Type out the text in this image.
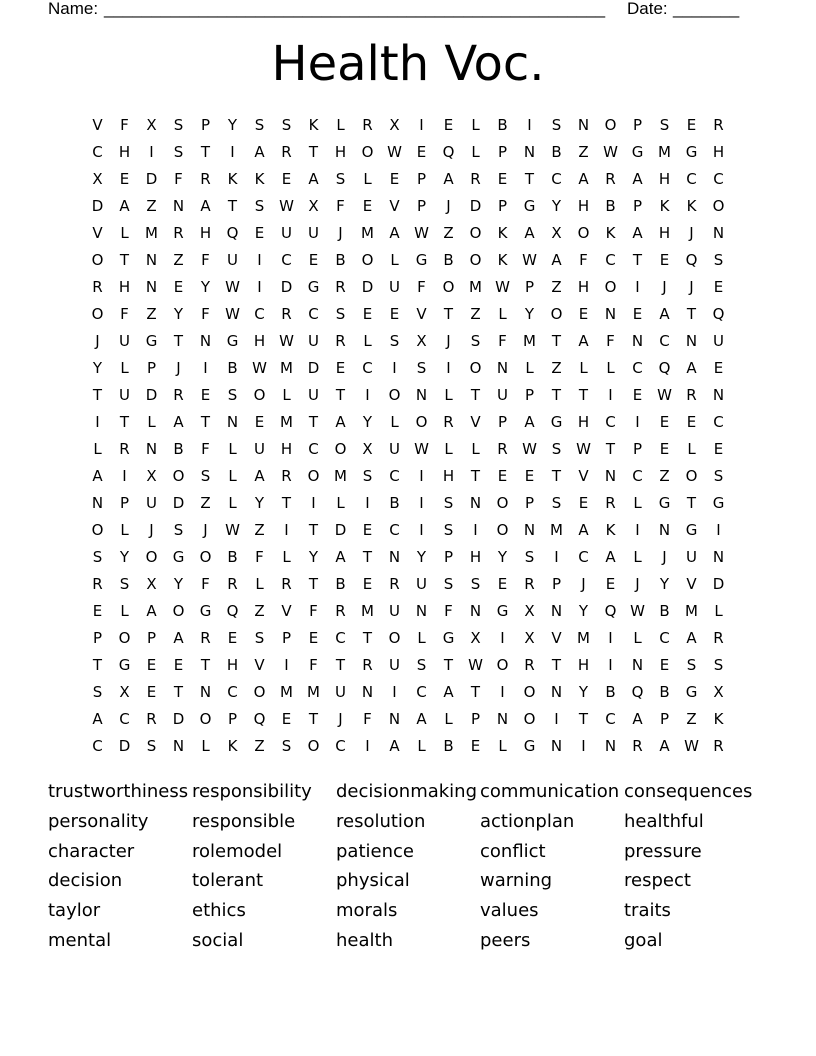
Name: _____________________________________________________ Date: _______
Health Voc.
V	F	X	S	P	Y	S	S	K	L	R	X	I	E	L	B	I	S	N	O	P	S	E	R
C	H	I	S	T	I	A	R	T	H	O W E	Q	L	P	N	B	Z W G M G	H
X	E	D	F	R	K	K	E	A	S	L	E	P	A	R	E	T	C	A	R	A	H	C	C
D	A	Z	N	A	T	S W X	F	E	V	P	J	D	P	G	Y	H	B	P	K	K	O
V	L	M	R	H	Q	E	U	U	J	M	A W Z	O	K	A	X	O	K	A	H	J	N
O	T	N	Z	F	U	I	C	E	B	O	L	G	B	O	K W A	F	C	T	E	Q	S
R	H	N	E	Y	W	I	D	G	R	D	U	F	O M W	P	Z	H	O	I	J	J	E
O	F	Z	Y	F	W C	R	C	S	E	E	V	T	Z	L	Y	O	E	N	E	A	T	Q
J	U	G	T	N	G	H W U	R	L	S	X	J	S	F	M	T	A	F	N	C	N	U
Y	L	P	J	I	B W M D	E	C	I	S	I	O	N	L	Z	L	L	C	Q	A	E
T	U	D	R	E	S	O	L	U	T	I	O	N	L	T	U	P	T	T	I	E W R	N
I	T	L	A	T	N	E	M	T	A	Y	L	O	R	V	P	A	G	H	C	I	E	E	C
L	R	N	B	F	L	U	H	C	O	X	U W	L	L	R W S W T	P	E	L	E
A	I	X	O	S	L	A	R	O M	S	C	I	H	T	E	E	T	V	N	C	Z	O	S
N	P	U	D	Z	L	Y	T	I	L	I	B	I	S	N	O	P	S	E	R	L	G	T	G
O	L	J	S	J	W Z	I	T	D	E	C	I	S	I	O	N M	A	K	I	N	G	I
S	Y	O	G	O	B	F	L	Y	A	T	N	Y	P	H	Y	S	I	C	A	L	J	U	N
R	S	X	Y	F	R	L	R	T	B	E	R	U	S	S	E	R	P	J	E	J	Y	V	D
E	L	A	O	G	Q	Z	V	F	R	M	U	N	F	N	G	X	N	Y	Q W B	M	L
P	O	P	A	R	E	S	P	E	C	T	O	L	G	X	I	X	V	M	I	L	C	A	R
T	G	E	E	T	H	V	I	F	T	R	U	S	T	W O	R	T	H	I	N	E	S	S
S	X	E	T	N	C	O M M	U	N	I	C	A	T	I	O	N	Y	B	Q	B	G	X
A	C	R	D	O	P	Q	E	T	J	F	N	A	L	P	N	O	I	T	C	A	P	Z	K
C	D	S	N	L	K	Z	S	O	C	I	A	L	B	E	L	G	N	I	N	R	A W R
trustworthiness responsibility	decisionmaking communication consequences
personality	responsible	resolution	actionplan	healthful
character	rolemodel	patience	conflict	pressure
decision	tolerant	physical	warning	respect
taylor	ethics	morals	values	traits
mental	social	health	peers	goal
